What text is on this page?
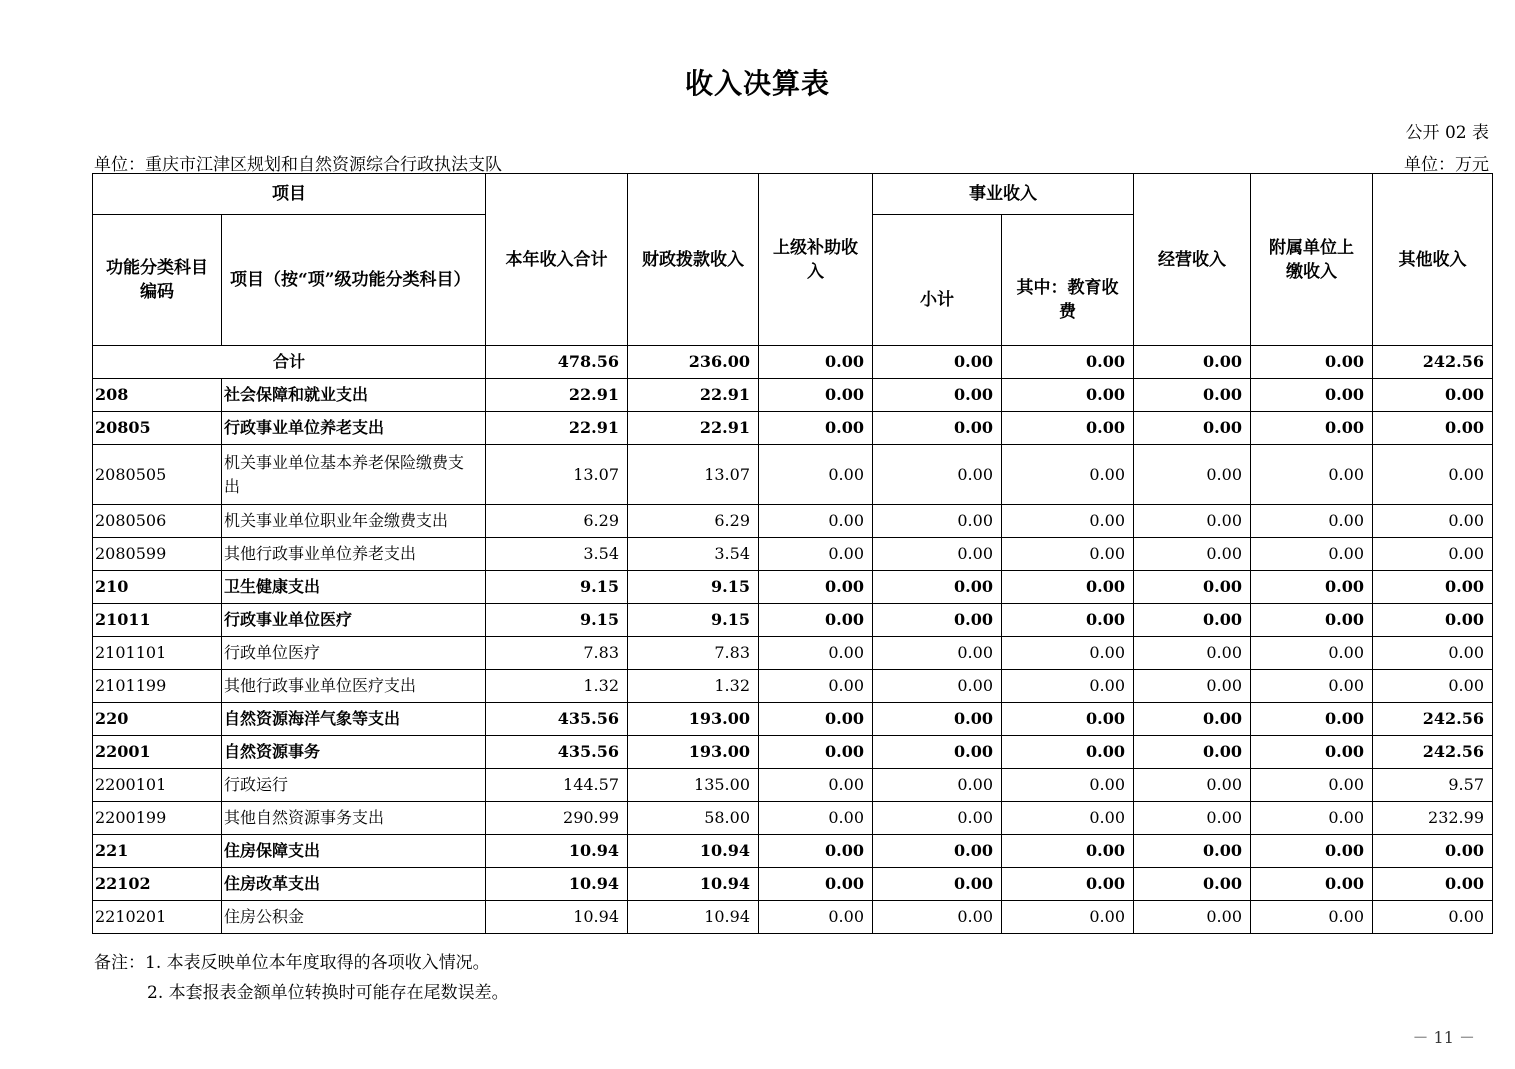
收入决算表
公开 02 表
单位：重庆市江津区规划和自然资源综合行政执法支队	单位：万元
项目		本年收入合计	财政拨款收入	上级补助收入	事业收入		经营收入	附属单位上缴收入	其他收入
功能分类科目编码	项目（按“项”级功能分类科目）				小计	其中：教育收费			
合计		478.56	236.00	0.00	0.00	0.00	0.00	0.00	242.56
208	社会保障和就业支出	22.91	22.91	0.00	0.00	0.00	0.00	0.00	0.00
20805	行政事业单位养老支出	22.91	22.91	0.00	0.00	0.00	0.00	0.00	0.00
2080505	机关事业单位基本养老保险缴费支出	13.07	13.07	0.00	0.00	0.00	0.00	0.00	0.00
2080506	机关事业单位职业年金缴费支出	6.29	6.29	0.00	0.00	0.00	0.00	0.00	0.00
2080599	其他行政事业单位养老支出	3.54	3.54	0.00	0.00	0.00	0.00	0.00	0.00
210	卫生健康支出	9.15	9.15	0.00	0.00	0.00	0.00	0.00	0.00
21011	行政事业单位医疗	9.15	9.15	0.00	0.00	0.00	0.00	0.00	0.00
2101101	行政单位医疗	7.83	7.83	0.00	0.00	0.00	0.00	0.00	0.00
2101199	其他行政事业单位医疗支出	1.32	1.32	0.00	0.00	0.00	0.00	0.00	0.00
220	自然资源海洋气象等支出	435.56	193.00	0.00	0.00	0.00	0.00	0.00	242.56
22001	自然资源事务	435.56	193.00	0.00	0.00	0.00	0.00	0.00	242.56
2200101	行政运行	144.57	135.00	0.00	0.00	0.00	0.00	0.00	9.57
2200199	其他自然资源事务支出	290.99	58.00	0.00	0.00	0.00	0.00	0.00	232.99
221	住房保障支出	10.94	10.94	0.00	0.00	0.00	0.00	0.00	0.00
22102	住房改革支出	10.94	10.94	0.00	0.00	0.00	0.00	0.00	0.00
2210201	住房公积金	10.94	10.94	0.00	0.00	0.00	0.00	0.00	0.00
备注：1. 本表反映单位本年度取得的各项收入情况。
2. 本套报表金额单位转换时可能存在尾数误差。
－ 11 －
